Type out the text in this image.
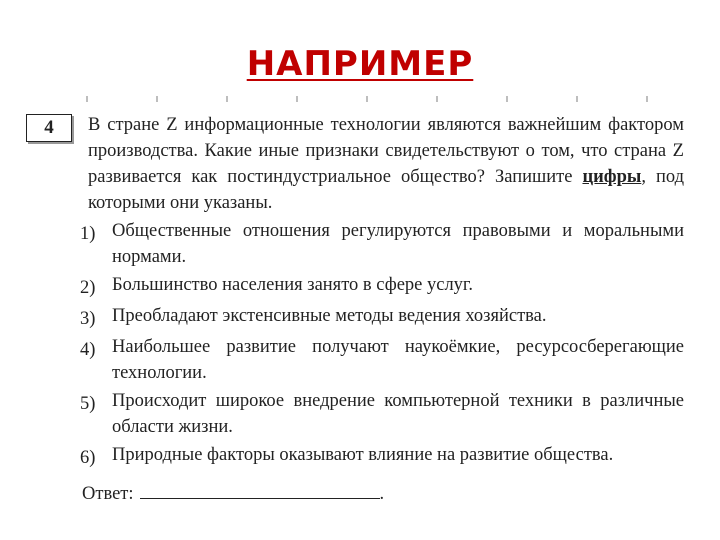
НАПРИМЕР
4	В стране Z информационные технологии являются важнейшим фактором производства. Какие иные признаки свидетельствуют о том, что страна Z развивается как постиндустриальное общество? Запишите цифры, под которыми они указаны.

1) Общественные отношения регулируются правовыми и моральными нормами.
2) Большинство населения занято в сфере услуг.
3) Преобладают экстенсивные методы ведения хозяйства.
4) Наибольшее развитие получают наукоёмкие, ресурсосберегающие технологии.
5) Происходит широкое внедрение компьютерной техники в различные области жизни.
6) Природные факторы оказывают влияние на развитие общества.
Ответ:	.
